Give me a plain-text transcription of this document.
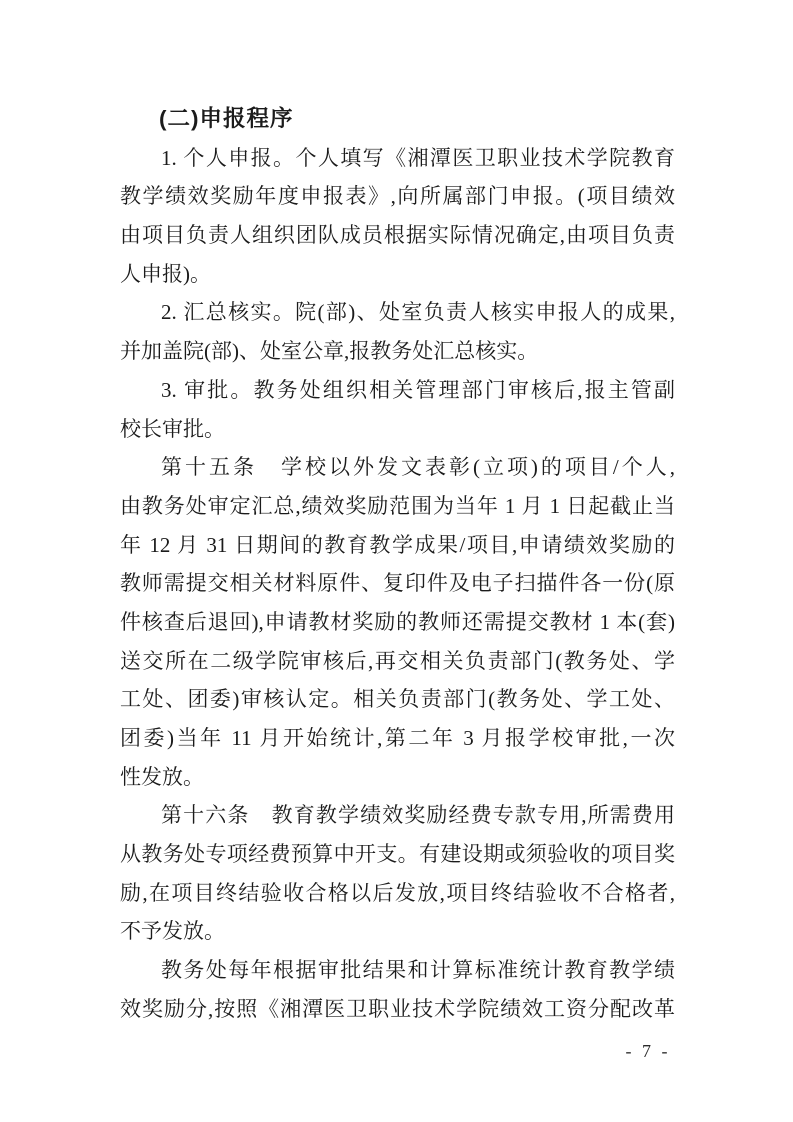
(二)申报程序
1. 个人申报。个人填写《湘潭医卫职业技术学院教育
教学绩效奖励年度申报表》,向所属部门申报。(项目绩效
由项目负责人组织团队成员根据实际情况确定,由项目负责
人申报)。
2. 汇总核实。院(部)、处室负责人核实申报人的成果,
并加盖院(部)、处室公章,报教务处汇总核实。
3. 审批。教务处组织相关管理部门审核后,报主管副
校长审批。
第十五条　学校以外发文表彰(立项)的项目/个人,
由教务处审定汇总,绩效奖励范围为当年 1 月 1 日起截止当
年 12 月 31 日期间的教育教学成果/项目,申请绩效奖励的
教师需提交相关材料原件、复印件及电子扫描件各一份(原
件核查后退回),申请教材奖励的教师还需提交教材 1 本(套)
送交所在二级学院审核后,再交相关负责部门(教务处、学
工处、团委)审核认定。相关负责部门(教务处、学工处、
团委)当年 11 月开始统计,第二年 3 月报学校审批,一次
性发放。
第十六条　教育教学绩效奖励经费专款专用,所需费用
从教务处专项经费预算中开支。有建设期或须验收的项目奖
励,在项目终结验收合格以后发放,项目终结验收不合格者,
不予发放。
教务处每年根据审批结果和计算标准统计教育教学绩
效奖励分,按照《湘潭医卫职业技术学院绩效工资分配改革
- 7 -
